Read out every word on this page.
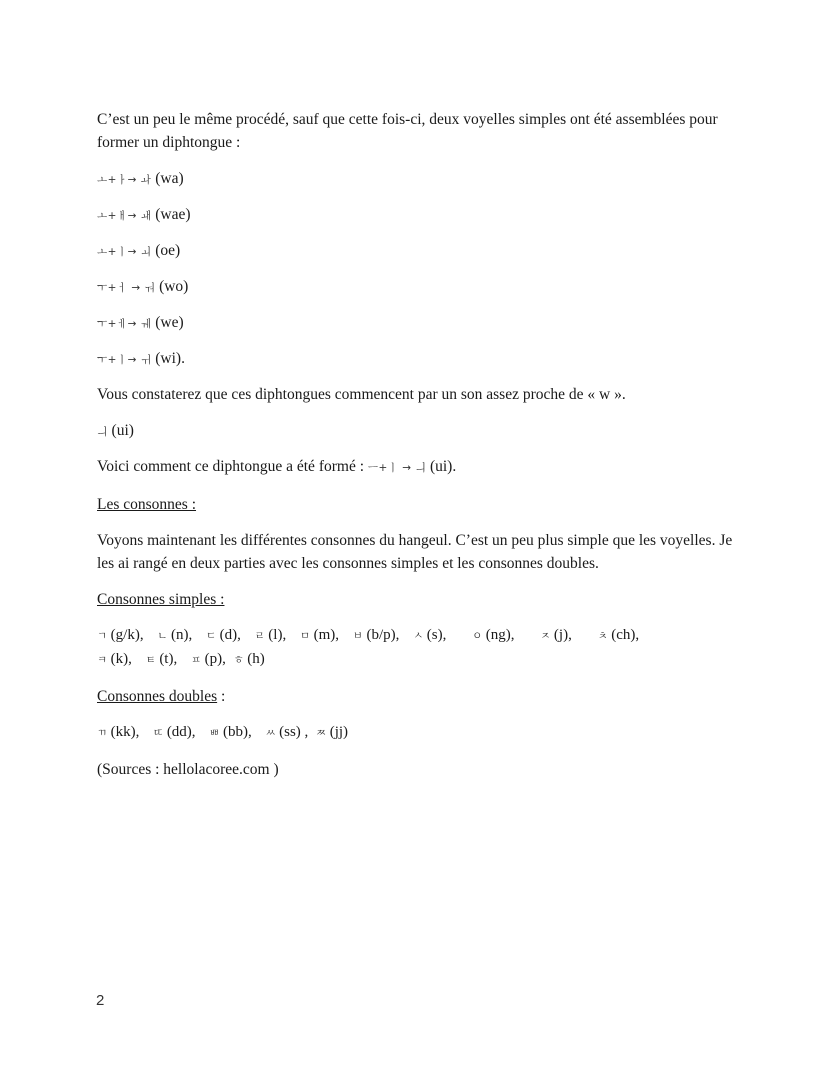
C’est un peu le même procédé, sauf que cette fois-ci, deux voyelles simples ont été assemblées pour former un diphtongue :

ㅗ+ㅏ→ ㅘ (wa)
ㅗ+ㅐ→ ㅙ (wae)
ㅗ+ㅣ→ ㅚ (oe)
ㅜ+ㅓ → ㅝ (wo)
ㅜ+ㅔ→ ㅞ (we)
ㅜ+ㅣ→ ㅟ (wi).

Vous constaterez que ces diphtongues commencent par un son assez proche de « w ».

ㅢ (ui)

Voici comment ce diphtongue a été formé : ㅡ+ㅣ → ㅢ (ui).

Les consonnes :

Voyons maintenant les différentes consonnes du hangeul. C’est un peu plus simple que les voyelles. Je les ai rangé en deux parties avec les consonnes simples et les consonnes doubles.

Consonnes simples :

ㄱ (g/k), ㄴ (n), ㄷ (d), ㄹ (l), ㅁ (m), ㅂ (b/p), ㅅ (s), ㅇ (ng), ㅈ (j), ㅊ (ch),
ㅋ (k), ㅌ (t), ㅍ (p), ㅎ (h)

Consonnes doubles :

ㄲ (kk), ㄸ (dd), ㅃ (bb), ㅆ (ss) , ㅉ (jj)

(Sources : hellolacoree.com )

2
